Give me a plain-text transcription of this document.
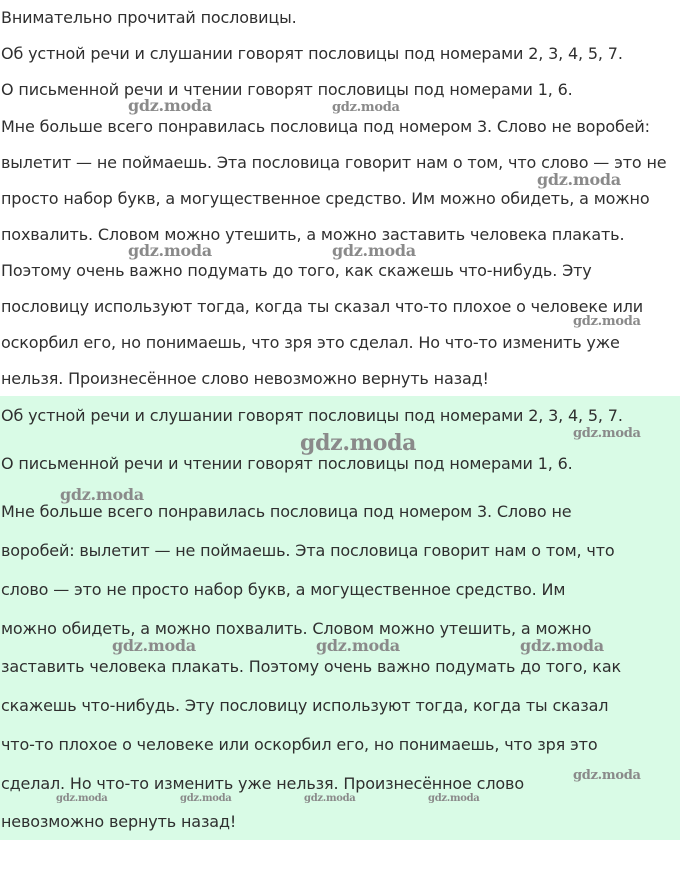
Внимательно прочитай пословицы.
Об устной речи и слушании говорят пословицы под номерами 2, 3, 4, 5, 7.
О письменной речи и чтении говорят пословицы под номерами 1, 6.
Мне больше всего понравилась пословица под номером 3. Слово не воробей:
вылетит — не поймаешь. Эта пословица говорит нам о том, что слово — это не
просто набор букв, а могущественное средство. Им можно обидеть, а можно
похвалить. Словом можно утешить, а можно заставить человека плакать.
Поэтому очень важно подумать до того, как скажешь что-нибудь. Эту
пословицу используют тогда, когда ты сказал что-то плохое о человеке или
оскорбил его, но понимаешь, что зря это сделал. Но что-то изменить уже
нельзя. Произнесённое слово невозможно вернуть назад!
Об устной речи и слушании говорят пословицы под номерами 2, 3, 4, 5, 7.
О письменной речи и чтении говорят пословицы под номерами 1, 6.
Мне больше всего понравилась пословица под номером 3. Слово не
воробей: вылетит — не поймаешь. Эта пословица говорит нам о том, что
слово — это не просто набор букв, а могущественное средство. Им
можно обидеть, а можно похвалить. Словом можно утешить, а можно
заставить человека плакать. Поэтому очень важно подумать до того, как
скажешь что-нибудь. Эту пословицу используют тогда, когда ты сказал
что-то плохое о человеке или оскорбил его, но понимаешь, что зря это
сделал. Но что-то изменить уже нельзя. Произнесённое слово
невозможно вернуть назад!
gdz.moda	gdz.moda
gdz.moda
gdz.moda	gdz.moda
gdz.moda
gdz.moda
gdz.moda
gdz.moda
gdz.moda	gdz.moda	gdz.moda
gdz.moda
gdz.moda	gdz.moda	gdz.moda	gdz.moda
